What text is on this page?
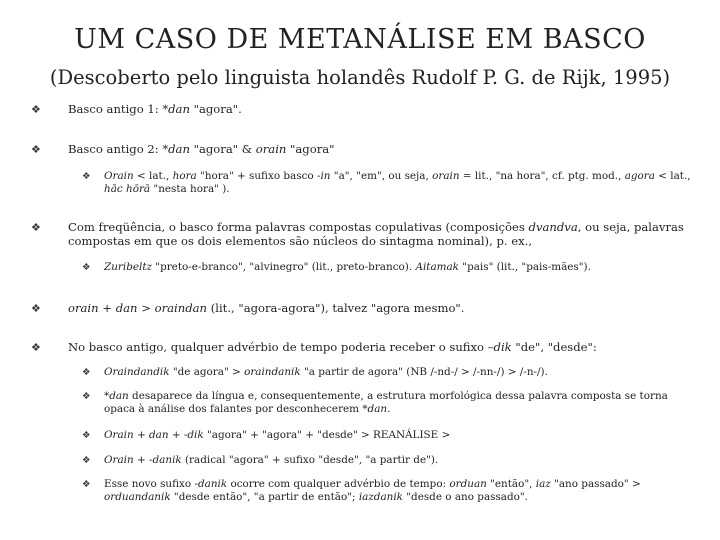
UM CASO DE METANÁLISE EM BASCO
(Descoberto pelo linguista holandês Rudolf P. G. de Rijk, 1995)
❖ Basco antigo 1: *dan "agora".
❖ Basco antigo 2: *dan "agora" & orain "agora"
❖ Orain < lat., hora "hora" + sufixo basco -in "a", "em", ou seja, orain = lit., "na hora", cf. ptg. mod., agora < lat., hāc hōrā "nesta hora" ).
❖ Com freqüência, o basco forma palavras compostas copulativas (composições dvandva, ou seja, palavras compostas em que os dois elementos são núcleos do sintagma nominal), p. ex.,
❖ Zuribeltz "preto-e-branco", "alvinegro" (lit., preto-branco). Aitamak "pais" (lit., "pais-mães").
❖ orain + dan > oraindan (lit., "agora-agora"), talvez "agora mesmo".
❖ No basco antigo, qualquer advérbio de tempo poderia receber o sufixo –dik "de", "desde":
❖ Oraindandik "de agora" > oraindanik "a partir de agora" (NB /-nd-/ > /-nn-/) > /-n-/).
❖ *dan desaparece da língua e, consequentemente, a estrutura morfológica dessa palavra composta se torna opaca à análise dos falantes por desconhecerem *dan.
❖ Orain + dan + -dik "agora" + "agora" + "desde" > REANÁLISE >
❖ Orain + -danik (radical "agora" + sufixo "desde", "a partir de").
❖ Esse novo sufixo -danik ocorre com qualquer advérbio de tempo: orduan "então", iaz "ano passado" > orduandanik "desde então", "a partir de então"; iazdanik "desde o ano passado".
